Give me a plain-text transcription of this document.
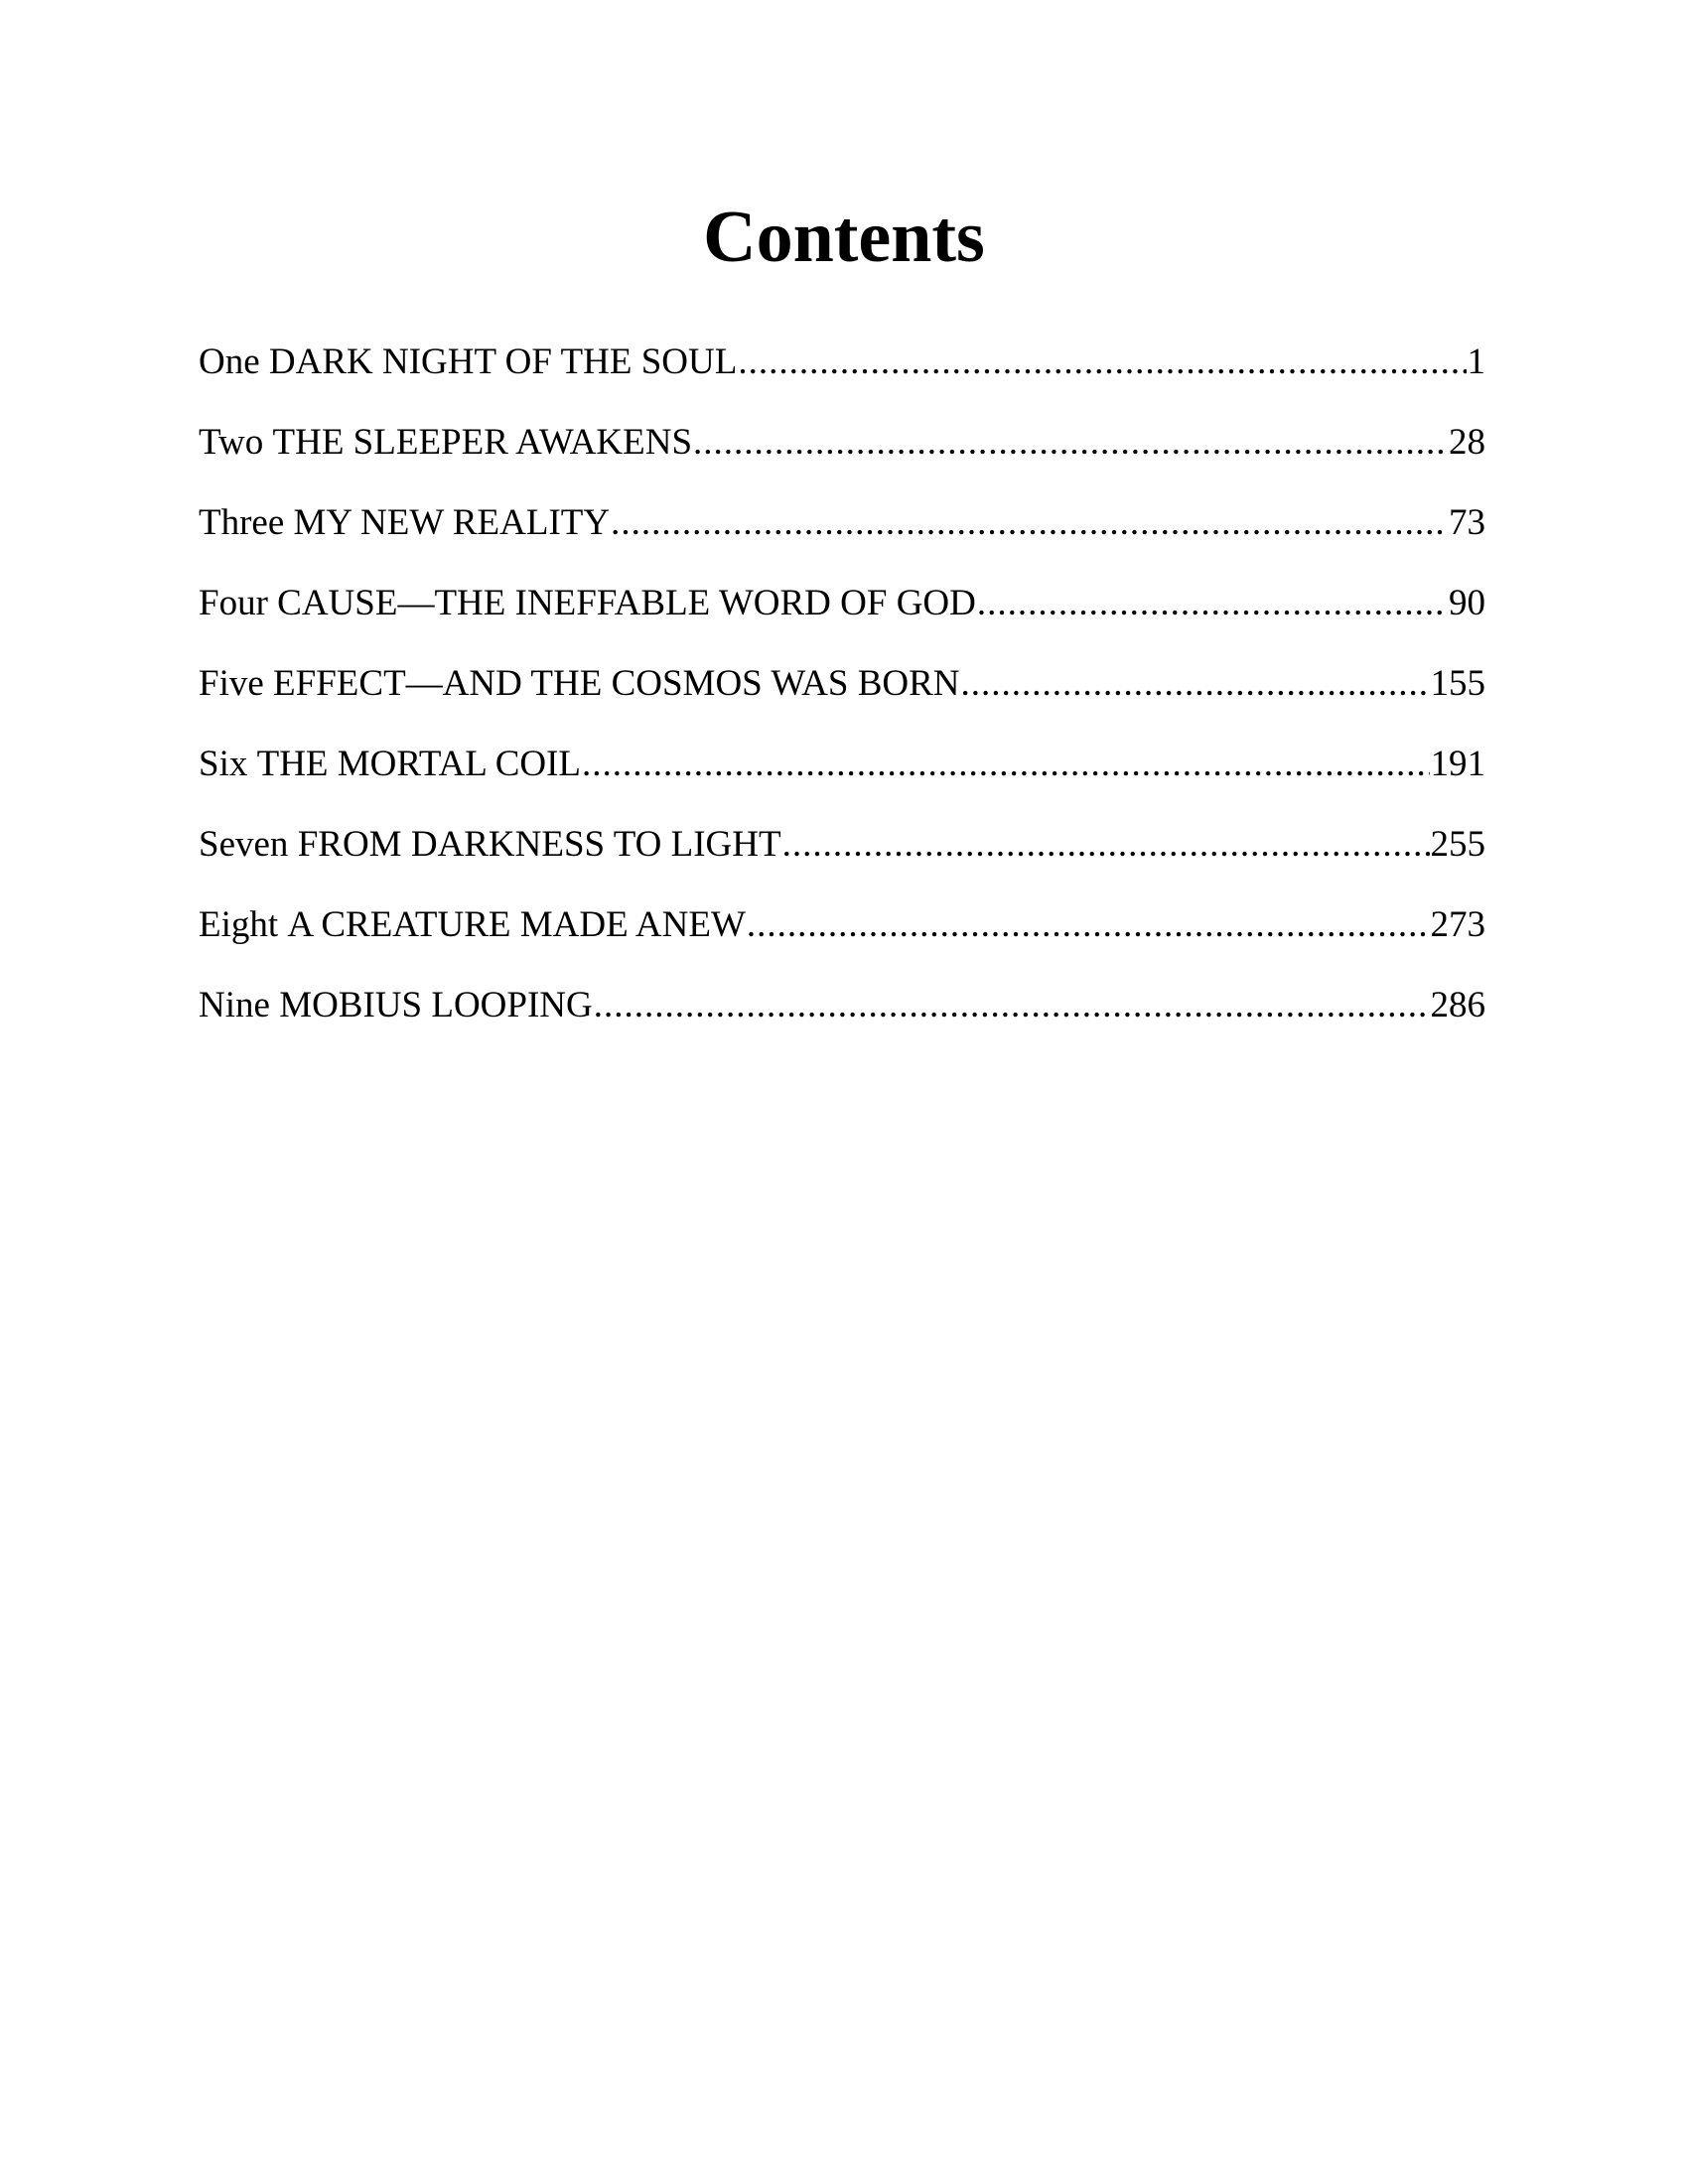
Contents
One DARK NIGHT OF THE SOUL .....	1
Two THE SLEEPER AWAKENS .....	28
Three MY NEW REALITY .....	73
Four CAUSE—THE INEFFABLE WORD OF GOD .....	90
Five EFFECT—AND THE COSMOS WAS BORN .....	155
Six THE MORTAL COIL .....	191
Seven FROM DARKNESS TO LIGHT .....	255
Eight A CREATURE MADE ANEW .....	273
Nine MOBIUS LOOPING .....	286
